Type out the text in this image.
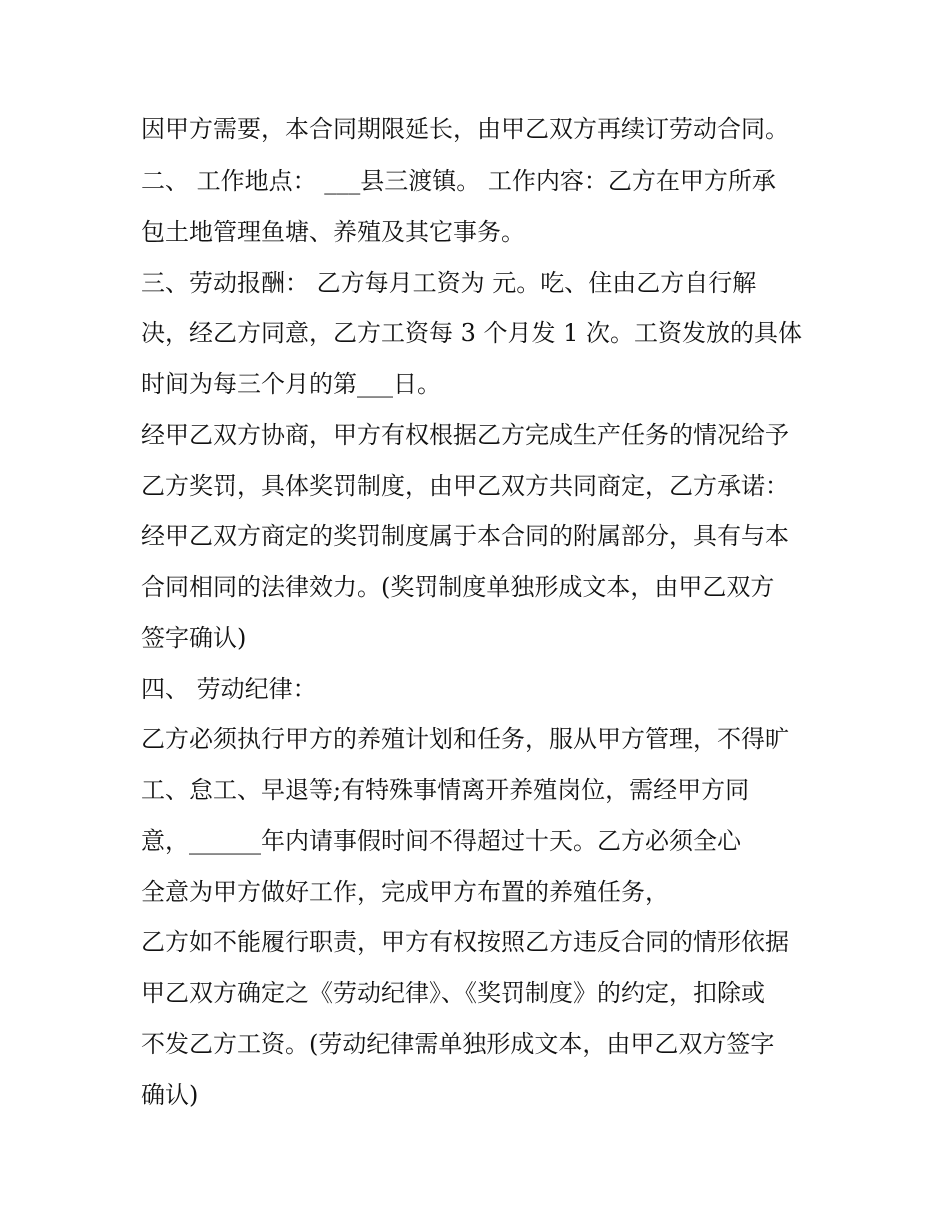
因甲方需要，本合同期限延长，由甲乙双方再续订劳动合同。
二、 工作地点： ___县三渡镇。 工作内容：乙方在甲方所承
包土地管理鱼塘、养殖及其它事务。
三、劳动报酬： 乙方每月工资为 元。吃、住由乙方自行解
决，经乙方同意，乙方工资每 3 个月发 1 次。工资发放的具体
时间为每三个月的第___日。
经甲乙双方协商，甲方有权根据乙方完成生产任务的情况给予
乙方奖罚，具体奖罚制度，由甲乙双方共同商定，乙方承诺：
经甲乙双方商定的奖罚制度属于本合同的附属部分，具有与本
合同相同的法律效力。(奖罚制度单独形成文本，由甲乙双方
签字确认)
四、 劳动纪律：
乙方必须执行甲方的养殖计划和任务，服从甲方管理，不得旷
工、怠工、早退等;有特殊事情离开养殖岗位，需经甲方同
意，______年内请事假时间不得超过十天。乙方必须全心
全意为甲方做好工作，完成甲方布置的养殖任务，
乙方如不能履行职责，甲方有权按照乙方违反合同的情形依据
甲乙双方确定之《劳动纪律》、《奖罚制度》的约定，扣除或
不发乙方工资。(劳动纪律需单独形成文本，由甲乙双方签字
确认)
